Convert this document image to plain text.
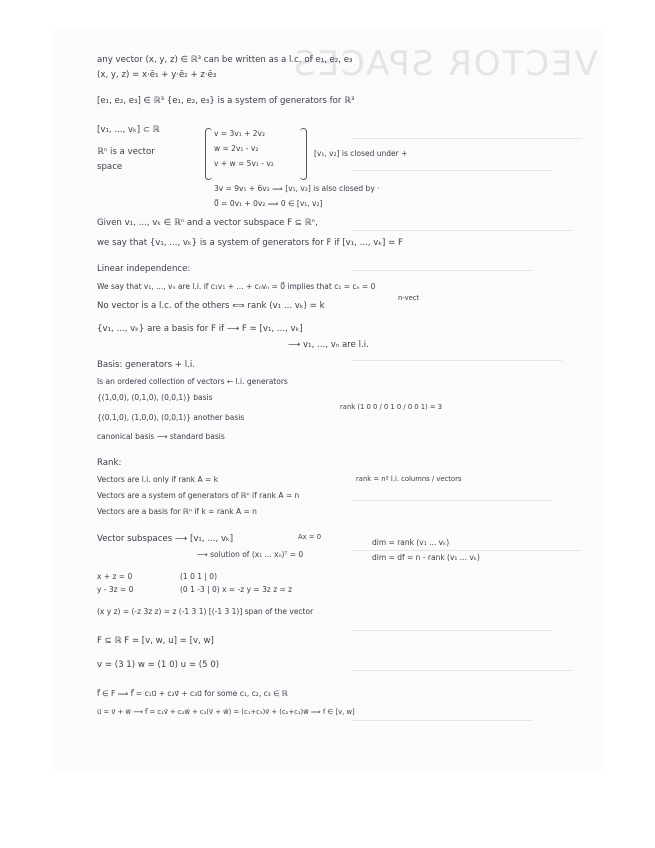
VECTOR SPACES
any vector (x, y, z) ∈ ℝ³ can be written as a l.c. of e₁, e₂, e₃
(x, y, z) = x·ē₁ + y·ē₂ + z·ē₃
[e₁, e₂, e₃] ∈ ℝ³ {e₁, e₂, e₃} is a system of generators for ℝ³
[v₁, ..., vₖ] ⊂ ℝ
ℝⁿ is a vector
space
v = 3v₁ + 2v₂
w = 2v₁ - v₂
v + w = 5v₁ - v₂
[v₁, v₂] is closed under +
3v = 9v₁ + 6v₂ ⟹ [v₁, v₂] is also closed by ·
0⃗ = 0v₁ + 0v₂ ⟹ 0 ∈ [v₁, v₂]
Given v₁, ..., vₖ ∈ ℝⁿ and a vector subspace F ⊆ ℝⁿ,
we say that {v₁, ..., vₖ} is a system of generators for F if [v₁, ..., vₖ] = F
Linear independence:
We say that v₁, ..., vₙ are l.i. if c₁v₁ + ... + cₙvₙ = 0⃗ implies that c₁ = cₙ = 0
No vector is a l.c. of the others ⟺ rank (v₁ ... vₖ) = k
n-vect
{v₁, ..., vₖ} are a basis for F if ⟶ F = [v₁, ..., vₖ]
⟶ v₁, ..., vₙ are l.i.
Basis: generators + l.i.
Is an ordered collection of vectors ← l.i. generators
{(1,0,0), (0,1,0), (0,0,1)} basis
rank (1 0 0 / 0 1 0 / 0 0 1) = 3
{(0,1,0), (1,0,0), (0,0,1)} another basis
canonical basis ⟶ standard basis
Rank:
Vectors are l.i. only if rank A = k	rank = nº l.i. columns / vectors
Vectors are a system of generators of ℝⁿ if rank A = n
Vectors are a basis for ℝⁿ if k = rank A = n
Vector subspaces ⟶ [v₁, ..., vₖ]	Ax = 0
dim = rank (v₁ ... vₖ)
⟶ solution of (x₁ ... xₙ)ᵀ = 0	dim = df = n - rank (v₁ ... vₖ)
x + z = 0	(1 0 1 | 0)
y - 3z = 0	(0 1 -3 | 0) x = -z y = 3z z = z
(x y z) = (-z 3z z) = z (-1 3 1) [(-1 3 1)] span of the vector
F ⊆ ℝ F = [v, w, u] = [v, w]
v = (3 1) w = (1 0) u = (5 0)
f⃗ ∈ F ⟹ f⃗ = c₁u⃗ + c₂v⃗ + c₃u⃗ for some c₁, c₂, c₃ ∈ ℝ
u⃗ = v⃗ + w⃗ ⟶ f⃗ = c₁v⃗ + c₂w⃗ + c₃(v⃗ + w⃗) = (c₁+c₃)v⃗ + (c₂+c₃)w⃗ ⟹ f ∈ [v, w]
